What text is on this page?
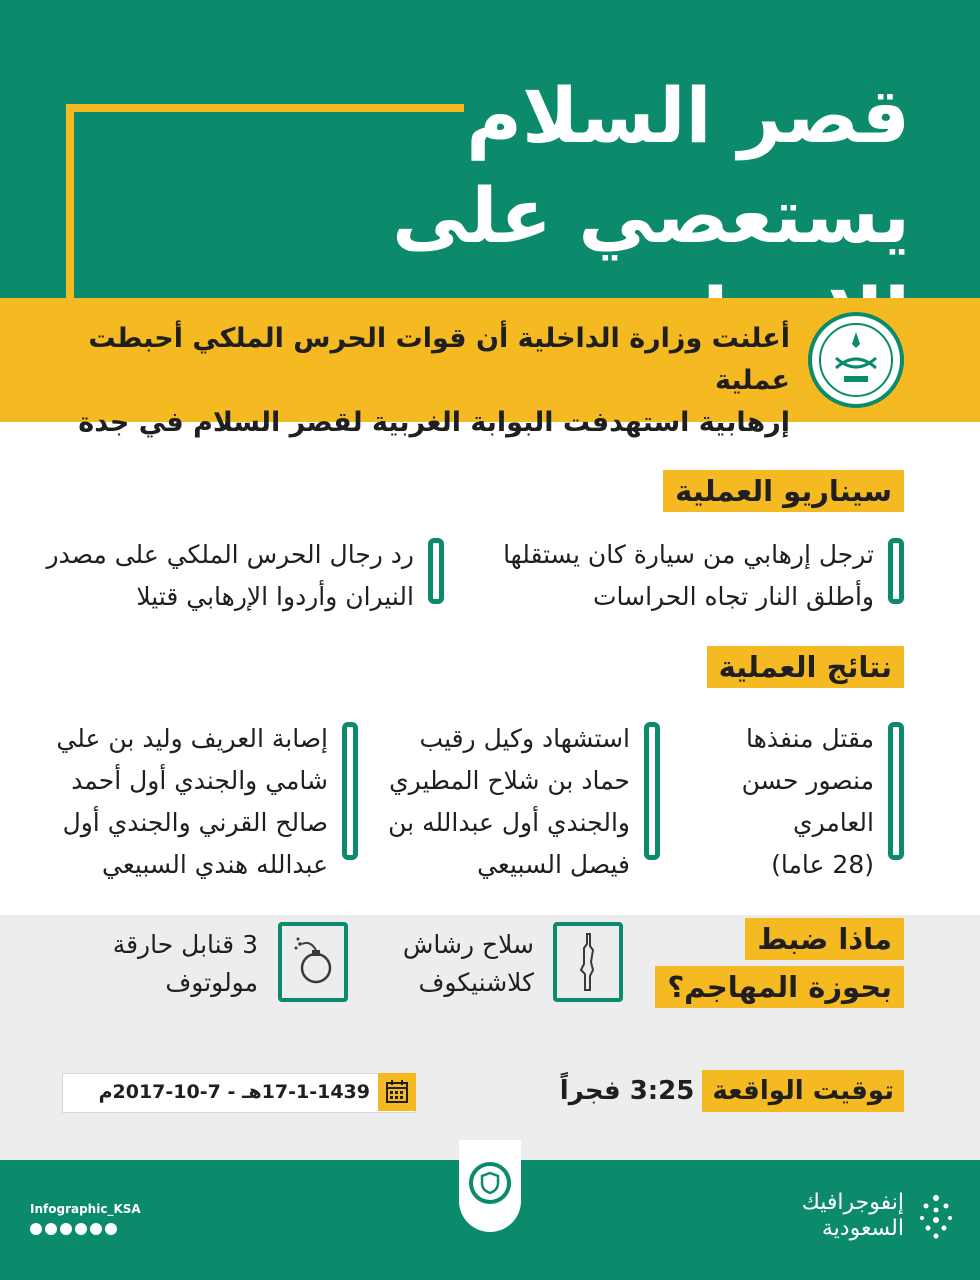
قصر السلام
يستعصي على
أعلنت وزارة الداخلية أن قوات الحرس الملكي أحبطت عملية
إرهابية استهدفت البوابة الغربية لقصر السلام في جدة
سيناريو العملية
ترجل إرهابي من سيارة كان يستقلها
وأطلق النار تجاه الحراسات
رد رجال الحرس الملكي على مصدر
النيران وأردوا الإرهابي قتيلا
نتائج العملية
مقتل منفذها
منصور حسن
العامري
(28 عاما)
استشهاد وكيل رقيب
حماد بن شلاح المطيري
والجندي أول عبدالله بن
فيصل السبيعي
إصابة العريف وليد بن علي
شامي والجندي أول أحمد
صالح القرني والجندي أول
عبدالله هندي السبيعي
ماذا ضبط
بحوزة المهاجم؟
سلاح رشاش
كلاشنيكوف
3 قنابل حارقة
مولوتوف
17-1-1439هـ - 7-10-2017م	توقيت الواقعة3:25 فجراً
إنفوجرافيك
السعودية
Infographic_KSA
